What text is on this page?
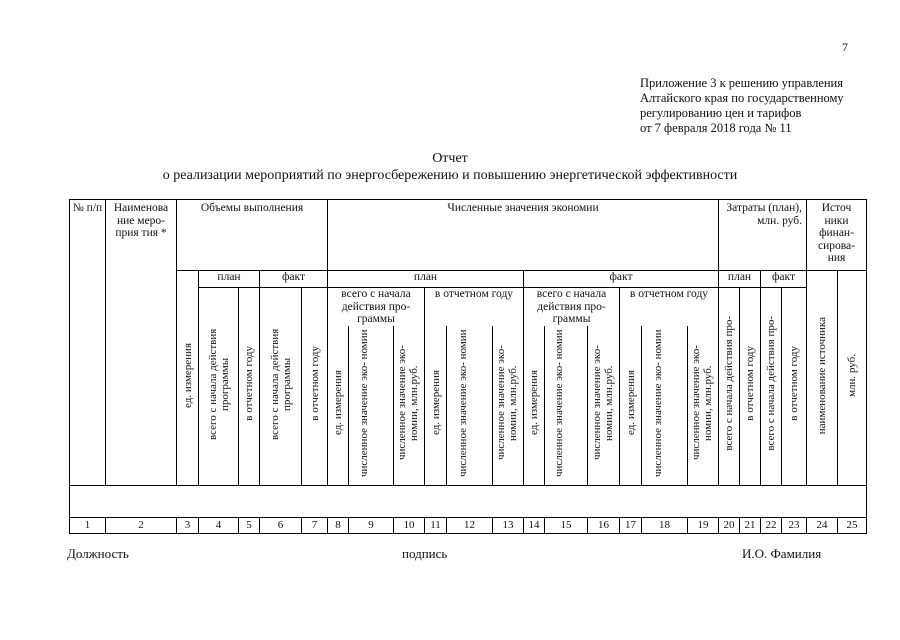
7
Приложение 3 к решению управления
Алтайского края по государственному
регулированию цен и тарифов
от 7 февраля 2018 года № 11
Отчет
о реализации мероприятий по энергосбережению и повышению энергетической эффективности
№ п/п	Наименова ние меро- прия тия *	Объемы выполнения					Численные значения экономии												Затраты (план), млн. руб.				Источ ники финан- сирова- ния	
		ед. измерения	план		факт		план						факт						план		факт		наименование источника	млн. руб.
			всего с начала действия программы	в отчетном году	всего с начала действия программы	в отчетном году	всего с начала действия про- граммы			в отчетном году			всего с начала действия про- граммы			в отчетном году			всего с начала действия про-	в отчетном году	всего с начала действия про-	в отчетном году		
							ед. измерения	численное значение эко- номии	численное значение эко- номии, млн.руб.	ед. измерения	численное значение эко- номии	численное значение эко- номии, млн.руб.	ед. измерения	численное значение эко- номии	численное значение эко- номии, млн.руб.	ед. измерения	численное значение эко- номии	численное значение эко- номии, млн.руб.						

1	2	3	4	5	6	7	8	9	10	11	12	13	14	15	16	17	18	19	20	21	22	23	24	25
Должность	подпись	И.О. Фамилия
